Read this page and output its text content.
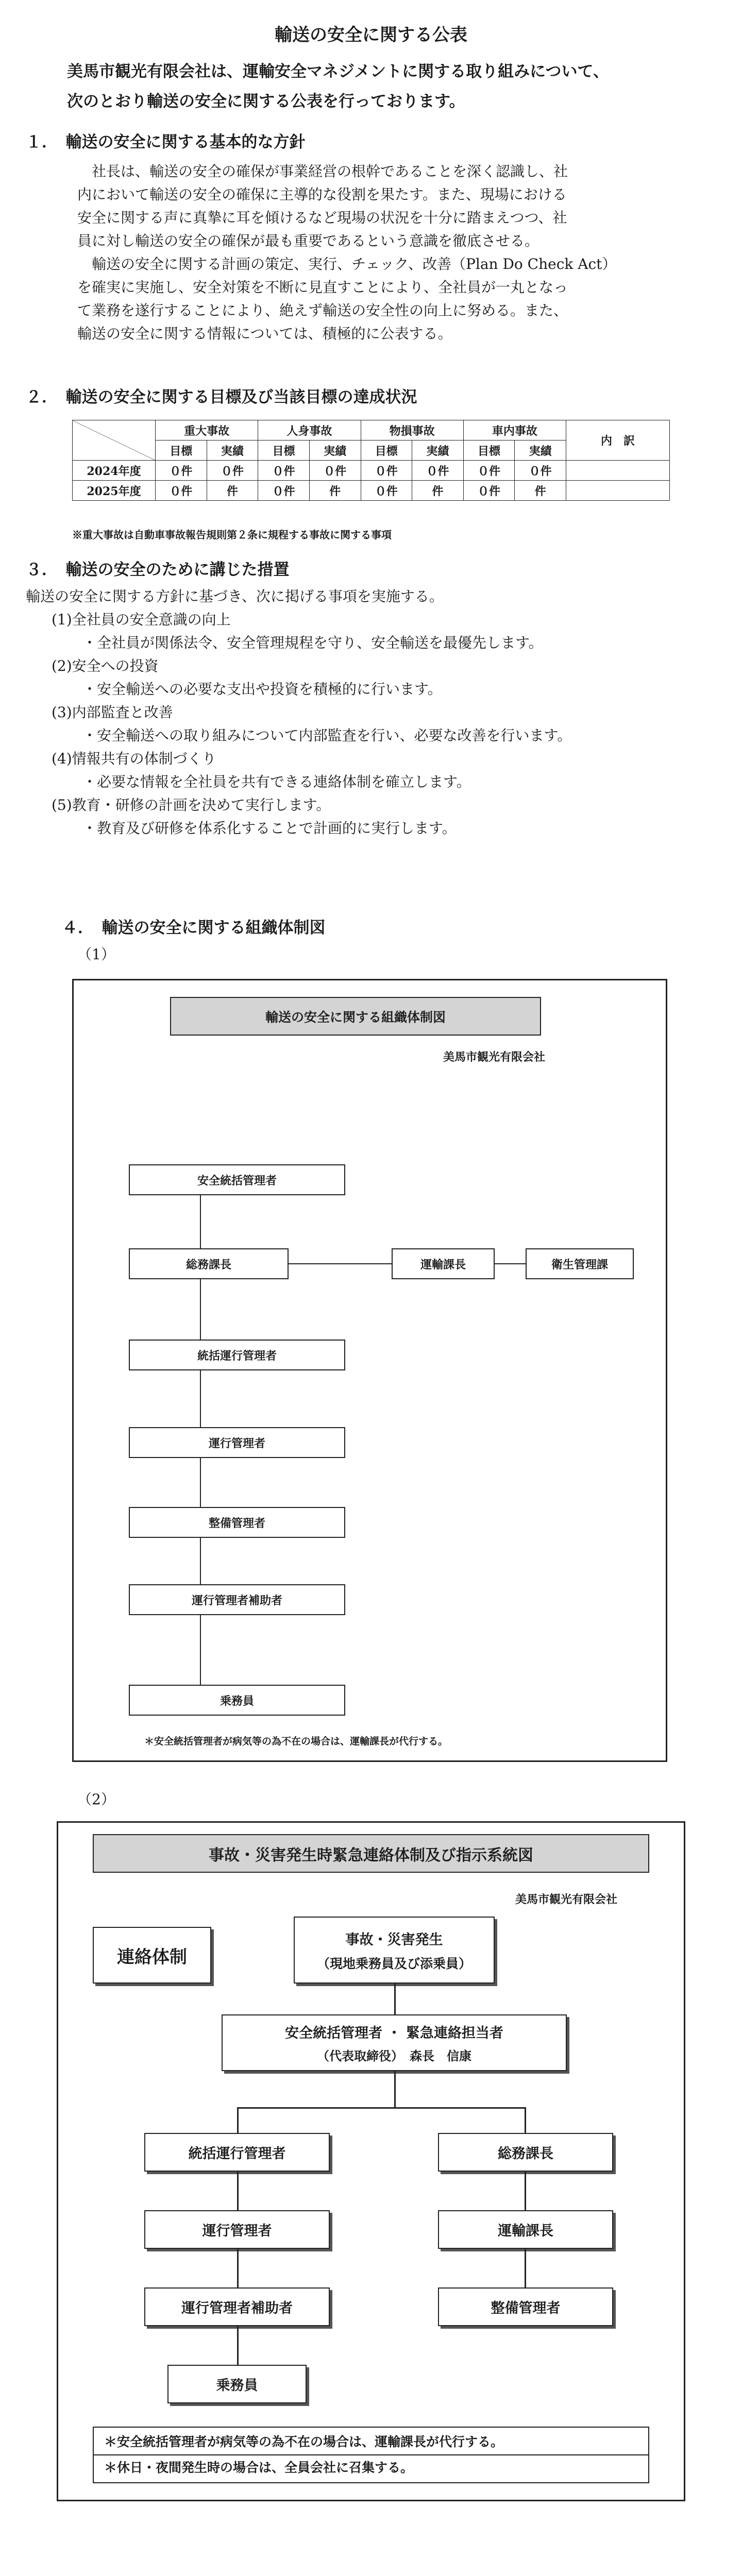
輸送の安全に関する公表
美馬市観光有限会社は、運輸安全マネジメントに関する取り組みについて、
次のとおり輸送の安全に関する公表を行っております。
１．　輸送の安全に関する基本的な方針
　社長は、輸送の安全の確保が事業経営の根幹であることを深く認識し、社
内において輸送の安全の確保に主導的な役割を果たす。また、現場における
安全に関する声に真摯に耳を傾けるなど現場の状況を十分に踏まえつつ、社
員に対し輸送の安全の確保が最も重要であるという意識を徹底させる。
　輸送の安全に関する計画の策定、実行、チェック、改善（Plan Do Check Act）
を確実に実施し、安全対策を不断に見直すことにより、全社員が一丸となっ
て業務を遂行することにより、絶えず輸送の安全性の向上に努める。また、
輸送の安全に関する情報については、積極的に公表する。
２．　輸送の安全に関する目標及び当該目標の達成状況
	重大事故		人身事故		物損事故		車内事故		内　訳
	目標	実績	目標	実績	目標	実績	目標	実績	
2024年度	０件	０件	０件	０件	０件	０件	０件	０件	
2025年度	０件	件	０件	件	０件	件	０件	件	
※重大事故は自動車事故報告規則第２条に規程する事故に関する事項
３．　輸送の安全のために講じた措置
輸送の安全に関する方針に基づき、次に掲げる事項を実施する。
(1)全社員の安全意識の向上
・全社員が関係法令、安全管理規程を守り、安全輸送を最優先します。
(2)安全への投資
・安全輸送への必要な支出や投資を積極的に行います。
(3)内部監査と改善
・安全輸送への取り組みについて内部監査を行い、必要な改善を行います。
(4)情報共有の体制づくり
・必要な情報を全社員を共有できる連絡体制を確立します。
(5)教育・研修の計画を決めて実行します。
・教育及び研修を体系化することで計画的に実行します。
４．　輸送の安全に関する組織体制図
（1）
輸送の安全に関する組織体制図
美馬市観光有限会社
安全統括管理者
総務課長	運輸課長	衛生管理課
統括運行管理者
運行管理者
整備管理者
運行管理者補助者
乗務員
＊安全統括管理者が病気等の為不在の場合は、運輸課長が代行する。
（2）
事故・災害発生時緊急連絡体制及び指示系統図
美馬市観光有限会社
連絡体制
事故・災害発生
（現地乗務員及び添乗員）
安全統括管理者 ・ 緊急連絡担当者
（代表取締役）　森長　信康
統括運行管理者
運行管理者
運行管理者補助者
乗務員
総務課長
運輸課長
整備管理者
＊安全統括管理者が病気等の為不在の場合は、運輸課長が代行する。
＊休日・夜間発生時の場合は、全員会社に召集する。
